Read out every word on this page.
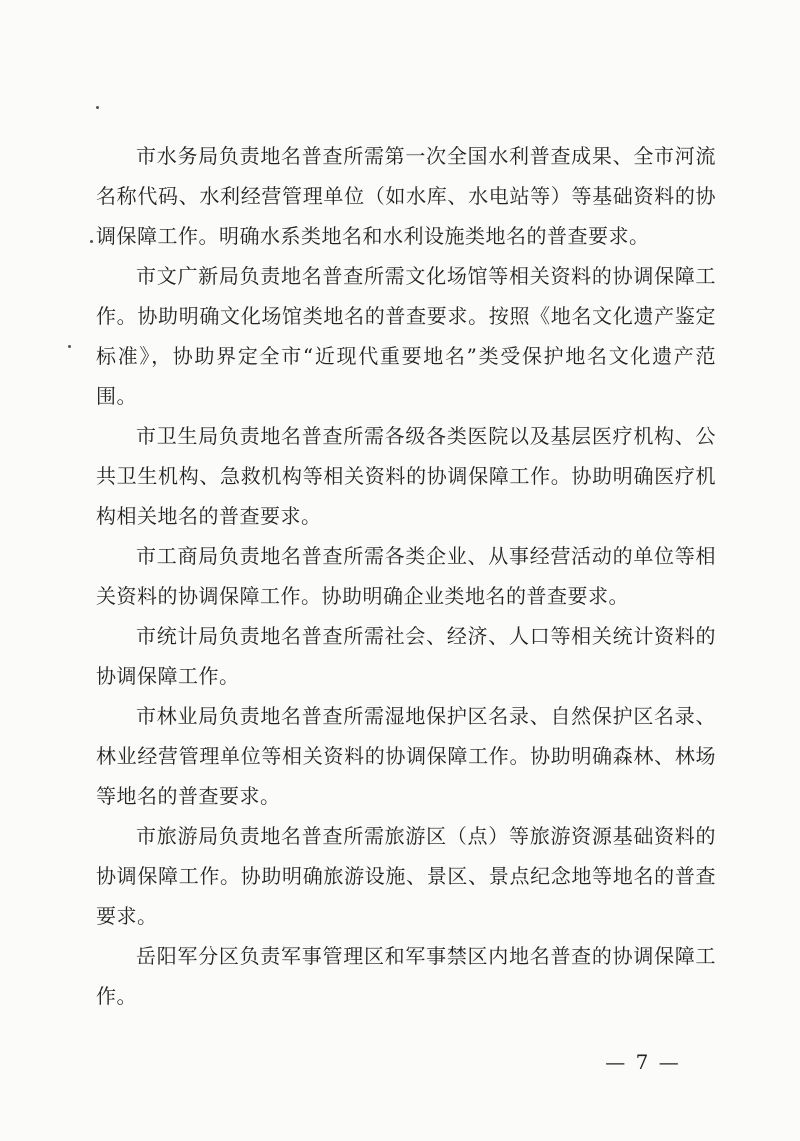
市水务局负责地名普查所需第一次全国水利普查成果、全市河流名称代码、水利经营管理单位（如水库、水电站等）等基础资料的协调保障工作。明确水系类地名和水利设施类地名的普查要求。

市文广新局负责地名普查所需文化场馆等相关资料的协调保障工作。协助明确文化场馆类地名的普查要求。按照《地名文化遗产鉴定标准》，协助界定全市“近现代重要地名”类受保护地名文化遗产范围。

市卫生局负责地名普查所需各级各类医院以及基层医疗机构、公共卫生机构、急救机构等相关资料的协调保障工作。协助明确医疗机构相关地名的普查要求。

市工商局负责地名普查所需各类企业、从事经营活动的单位等相关资料的协调保障工作。协助明确企业类地名的普查要求。

市统计局负责地名普查所需社会、经济、人口等相关统计资料的协调保障工作。

市林业局负责地名普查所需湿地保护区名录、自然保护区名录、林业经营管理单位等相关资料的协调保障工作。协助明确森林、林场等地名的普查要求。

市旅游局负责地名普查所需旅游区（点）等旅游资源基础资料的协调保障工作。协助明确旅游设施、景区、景点纪念地等地名的普查要求。

岳阳军分区负责军事管理区和军事禁区内地名普查的协调保障工作。

— 7 —
